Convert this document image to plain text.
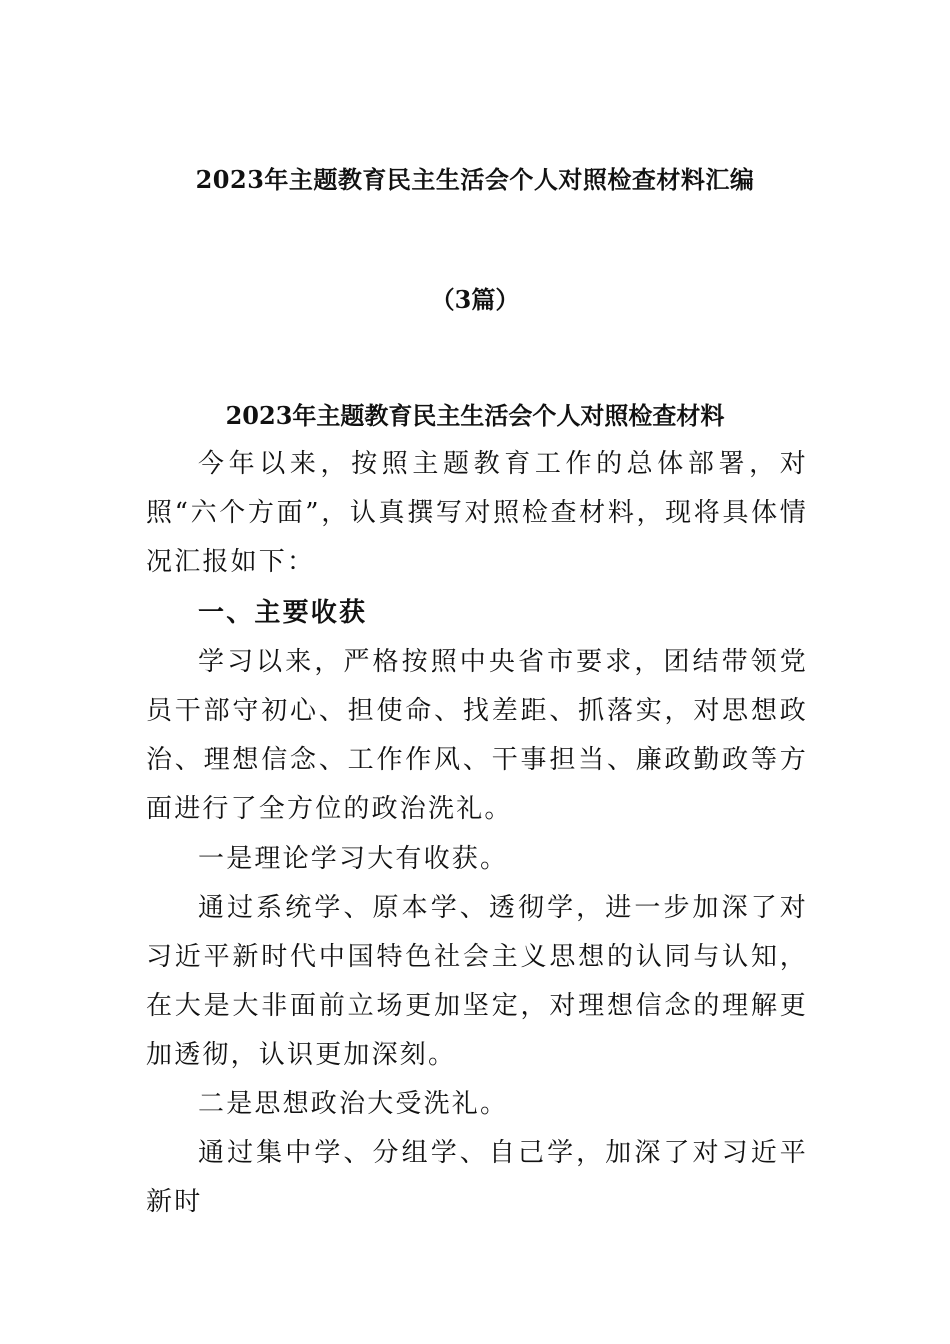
2023年主题教育民主生活会个人对照检查材料汇编
（3篇）
2023年主题教育民主生活会个人对照检查材料

今年以来，按照主题教育工作的总体部署，对照“六个方面”，认真撰写对照检查材料，现将具体情况汇报如下：

一、主要收获

学习以来，严格按照中央省市要求，团结带领党员干部守初心、担使命、找差距、抓落实，对思想政治、理想信念、工作作风、干事担当、廉政勤政等方面进行了全方位的政治洗礼。

一是理论学习大有收获。

通过系统学、原本学、透彻学，进一步加深了对习近平新时代中国特色社会主义思想的认同与认知，在大是大非面前立场更加坚定，对理想信念的理解更加透彻，认识更加深刻。

二是思想政治大受洗礼。

通过集中学、分组学、自己学，加深了对习近平新时
